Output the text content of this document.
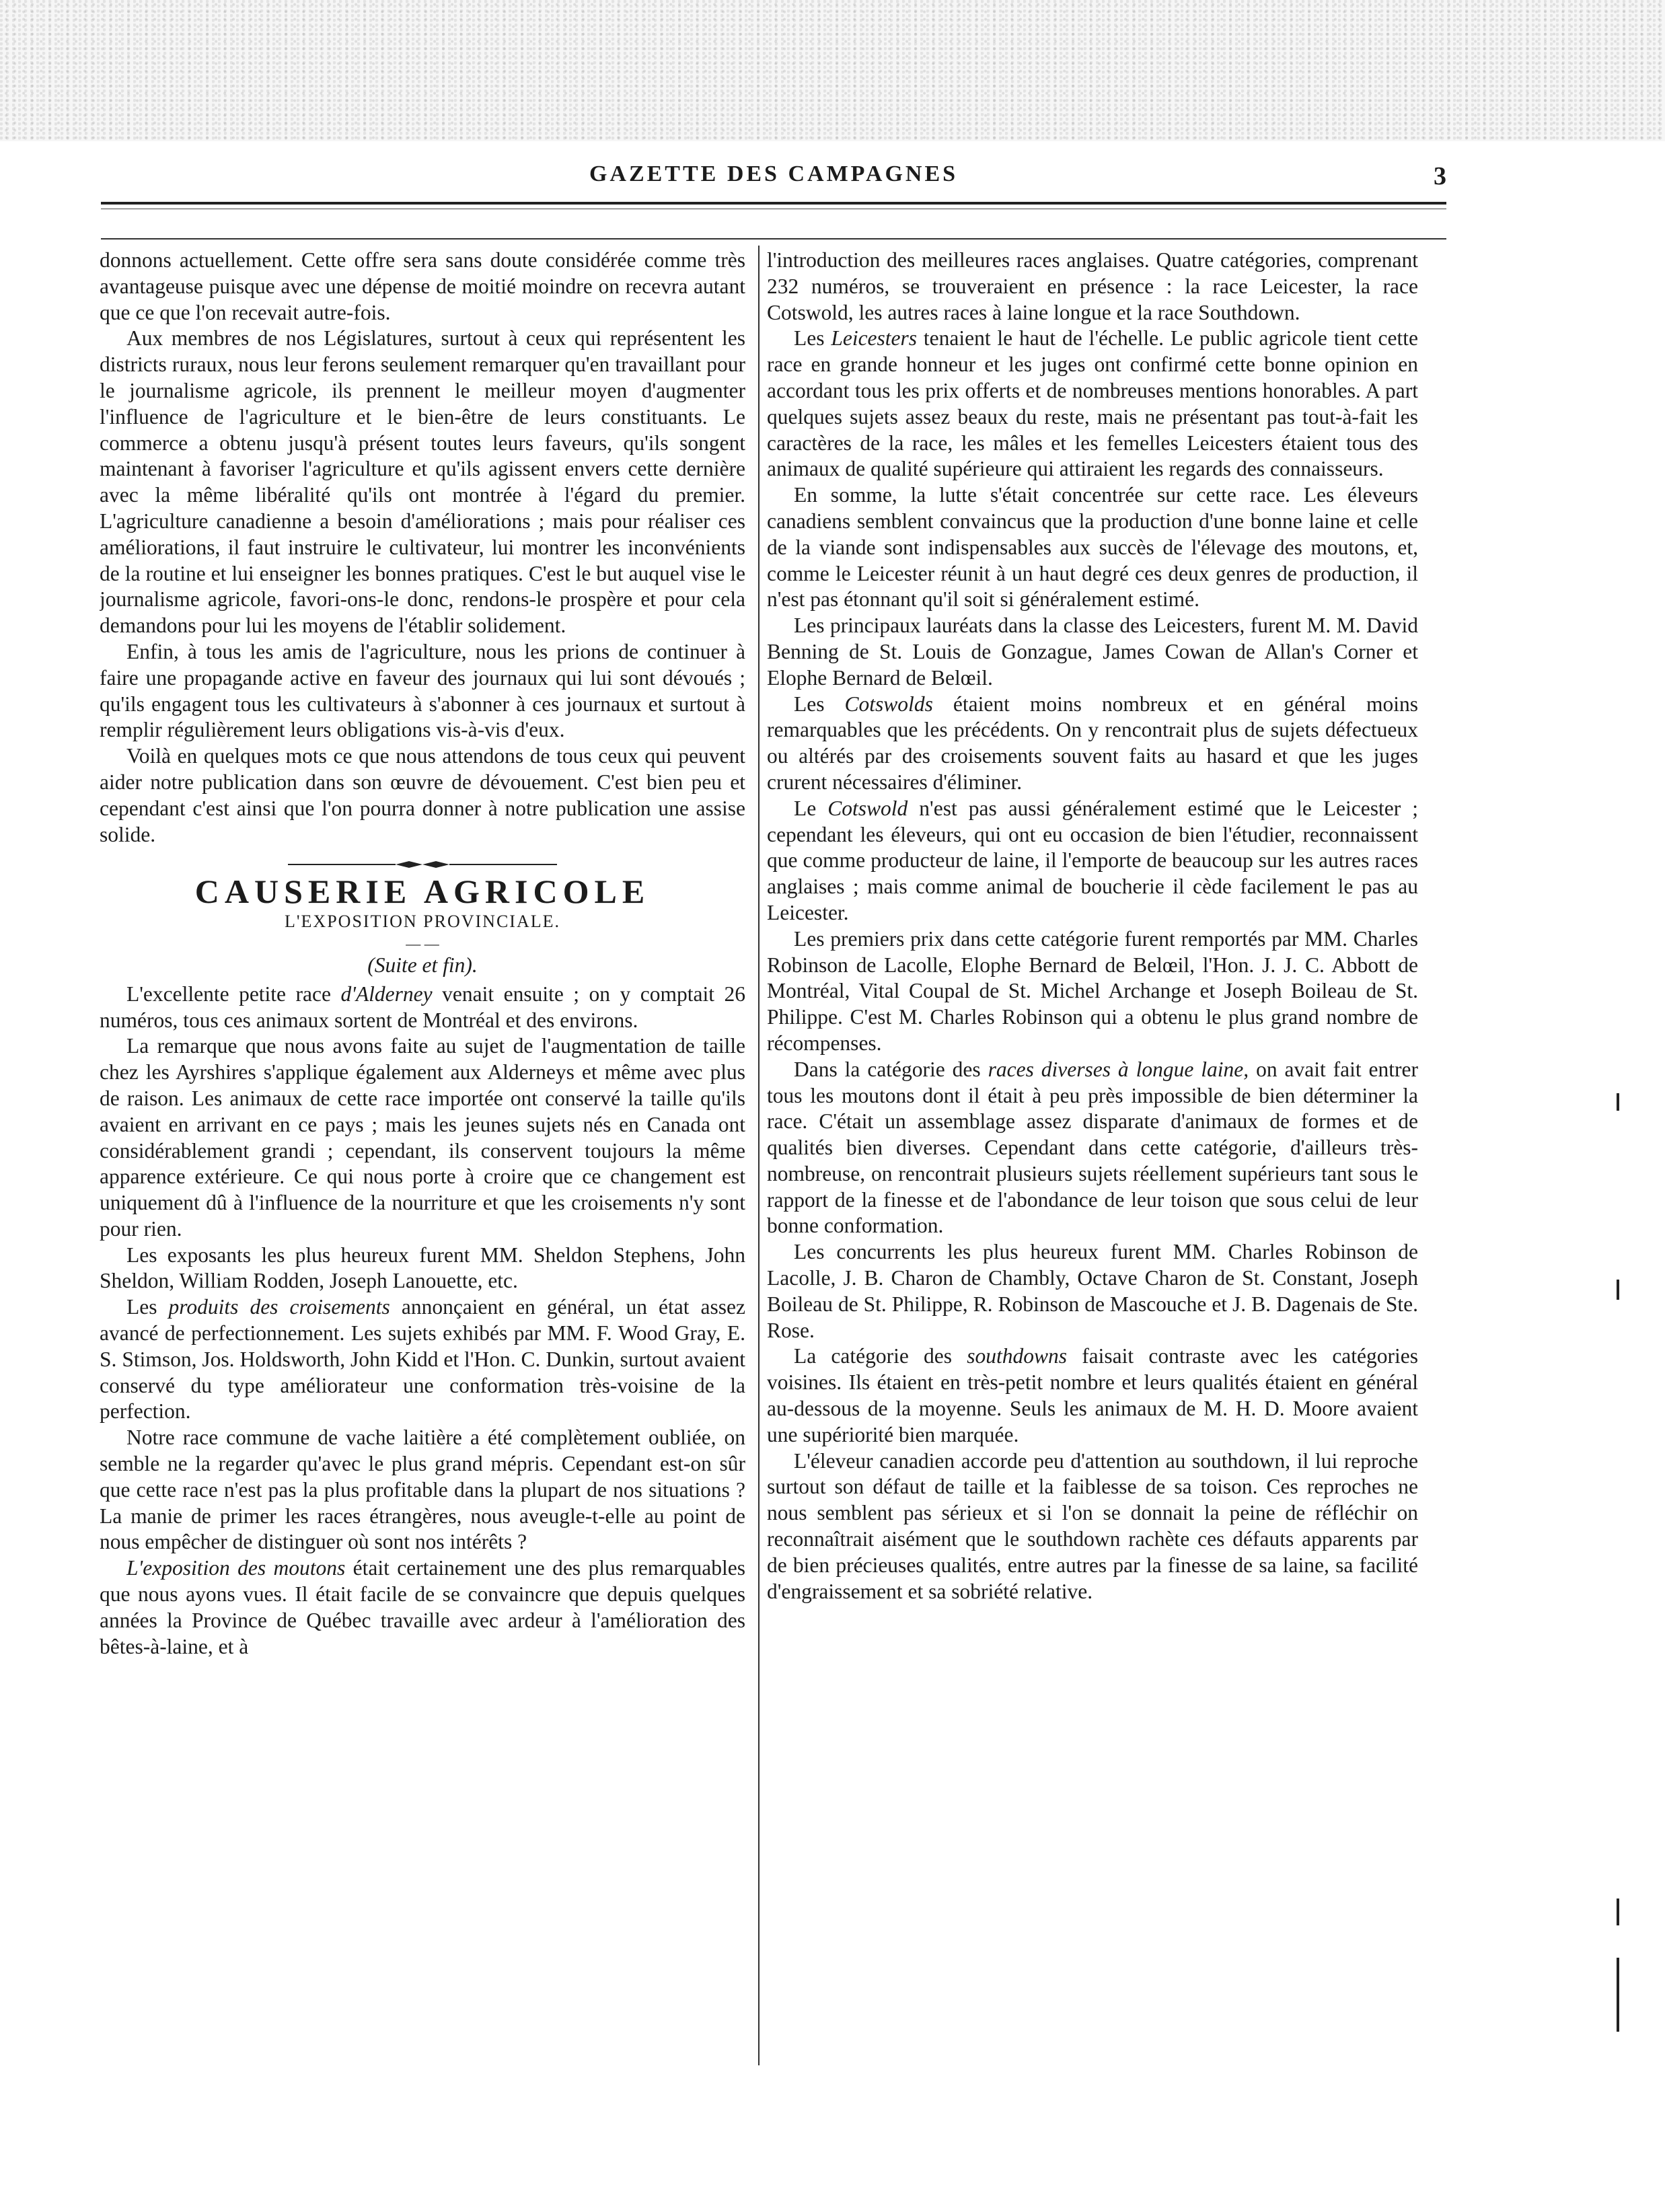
GAZETTE DES CAMPAGNES	3

donnons actuellement. Cette offre sera sans doute considérée comme très avantageuse puisque avec une dépense de moitié moindre on recevra autant que ce que l'on recevait autre-fois.

Aux membres de nos Législatures, surtout à ceux qui représentent les districts ruraux, nous leur ferons seulement remarquer qu'en travaillant pour le journalisme agricole, ils prennent le meilleur moyen d'augmenter l'influence de l'agriculture et le bien-être de leurs constituants. Le commerce a obtenu jusqu'à présent toutes leurs faveurs, qu'ils songent maintenant à favoriser l'agriculture et qu'ils agissent envers cette dernière avec la même libéralité qu'ils ont montrée à l'égard du premier. L'agriculture canadienne a besoin d'améliorations ; mais pour réaliser ces améliorations, il faut instruire le cultivateur, lui montrer les inconvénients de la routine et lui enseigner les bonnes pratiques. C'est le but auquel vise le journalisme agricole, favori-ons-le donc, rendons-le prospère et pour cela demandons pour lui les moyens de l'établir solidement.

Enfin, à tous les amis de l'agriculture, nous les prions de continuer à faire une propagande active en faveur des journaux qui lui sont dévoués ; qu'ils engagent tous les cultivateurs à s'abonner à ces journaux et surtout à remplir régulièrement leurs obligations vis-à-vis d'eux.

Voilà en quelques mots ce que nous attendons de tous ceux qui peuvent aider notre publication dans son œuvre de dévouement. C'est bien peu et cependant c'est ainsi que l'on pourra donner à notre publication une assise solide.

CAUSERIE AGRICOLE
L'EXPOSITION PROVINCIALE.
— —
(Suite et fin).

L'excellente petite race d'Alderney venait ensuite ; on y comptait 26 numéros, tous ces animaux sortent de Montréal et des environs.

La remarque que nous avons faite au sujet de l'augmentation de taille chez les Ayrshires s'applique également aux Alderneys et même avec plus de raison. Les animaux de cette race importée ont conservé la taille qu'ils avaient en arrivant en ce pays ; mais les jeunes sujets nés en Canada ont considérablement grandi ; cependant, ils conservent toujours la même apparence extérieure. Ce qui nous porte à croire que ce changement est uniquement dû à l'influence de la nourriture et que les croisements n'y sont pour rien.

Les exposants les plus heureux furent MM. Sheldon Stephens, John Sheldon, William Rodden, Joseph Lanouette, etc.

Les produits des croisements annonçaient en général, un état assez avancé de perfectionnement. Les sujets exhibés par MM. F. Wood Gray, E. S. Stimson, Jos. Holdsworth, John Kidd et l'Hon. C. Dunkin, surtout avaient conservé du type améliorateur une conformation très-voisine de la perfection.

Notre race commune de vache laitière a été complètement oubliée, on semble ne la regarder qu'avec le plus grand mépris. Cependant est-on sûr que cette race n'est pas la plus profitable dans la plupart de nos situations ? La manie de primer les races étrangères, nous aveugle-t-elle au point de nous empêcher de distinguer où sont nos intérêts ?

L'exposition des moutons était certainement une des plus remarquables que nous ayons vues. Il était facile de se convaincre que depuis quelques années la Province de Québec travaille avec ardeur à l'amélioration des bêtes-à-laine, et à

l'introduction des meilleures races anglaises. Quatre catégories, comprenant 232 numéros, se trouveraient en présence : la race Leicester, la race Cotswold, les autres races à laine longue et la race Southdown.

Les Leicesters tenaient le haut de l'échelle. Le public agricole tient cette race en grande honneur et les juges ont confirmé cette bonne opinion en accordant tous les prix offerts et de nombreuses mentions honorables. A part quelques sujets assez beaux du reste, mais ne présentant pas tout-à-fait les caractères de la race, les mâles et les femelles Leicesters étaient tous des animaux de qualité supérieure qui attiraient les regards des connaisseurs.

En somme, la lutte s'était concentrée sur cette race. Les éleveurs canadiens semblent convaincus que la production d'une bonne laine et celle de la viande sont indispensables aux succès de l'élevage des moutons, et, comme le Leicester réunit à un haut degré ces deux genres de production, il n'est pas étonnant qu'il soit si généralement estimé.

Les principaux lauréats dans la classe des Leicesters, furent M. M. David Benning de St. Louis de Gonzague, James Cowan de Allan's Corner et Elophe Bernard de Belœil.

Les Cotswolds étaient moins nombreux et en général moins remarquables que les précédents. On y rencontrait plus de sujets défectueux ou altérés par des croisements souvent faits au hasard et que les juges crurent nécessaires d'éliminer.

Le Cotswold n'est pas aussi généralement estimé que le Leicester ; cependant les éleveurs, qui ont eu occasion de bien l'étudier, reconnaissent que comme producteur de laine, il l'emporte de beaucoup sur les autres races anglaises ; mais comme animal de boucherie il cède facilement le pas au Leicester.

Les premiers prix dans cette catégorie furent remportés par MM. Charles Robinson de Lacolle, Elophe Bernard de Belœil, l'Hon. J. J. C. Abbott de Montréal, Vital Coupal de St. Michel Archange et Joseph Boileau de St. Philippe. C'est M. Charles Robinson qui a obtenu le plus grand nombre de récompenses.

Dans la catégorie des races diverses à longue laine, on avait fait entrer tous les moutons dont il était à peu près impossible de bien déterminer la race. C'était un assemblage assez disparate d'animaux de formes et de qualités bien diverses. Cependant dans cette catégorie, d'ailleurs très-nombreuse, on rencontrait plusieurs sujets réellement supérieurs tant sous le rapport de la finesse et de l'abondance de leur toison que sous celui de leur bonne conformation.

Les concurrents les plus heureux furent MM. Charles Robinson de Lacolle, J. B. Charon de Chambly, Octave Charon de St. Constant, Joseph Boileau de St. Philippe, R. Robinson de Mascouche et J. B. Dagenais de Ste. Rose.

La catégorie des southdowns faisait contraste avec les catégories voisines. Ils étaient en très-petit nombre et leurs qualités étaient en général au-dessous de la moyenne. Seuls les animaux de M. H. D. Moore avaient une supériorité bien marquée.

L'éleveur canadien accorde peu d'attention au southdown, il lui reproche surtout son défaut de taille et la faiblesse de sa toison. Ces reproches ne nous semblent pas sérieux et si l'on se donnait la peine de réfléchir on reconnaîtrait aisément que le southdown rachète ces défauts apparents par de bien précieuses qualités, entre autres par la finesse de sa laine, sa facilité d'engraissement et sa sobriété relative.
